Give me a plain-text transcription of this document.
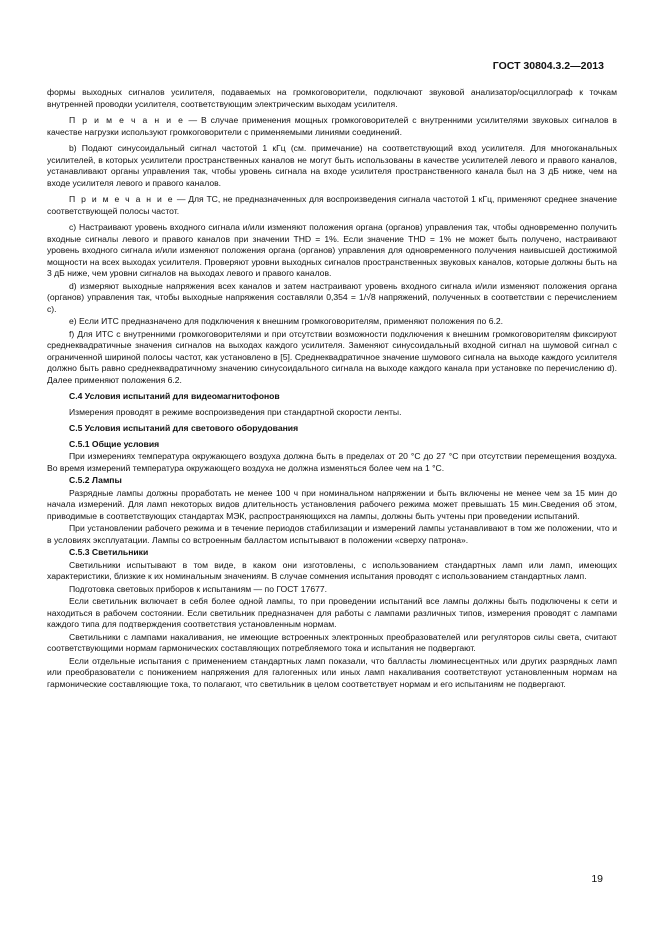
ГОСТ 30804.3.2—2013

формы выходных сигналов усилителя, подаваемых на громкоговорители, подключают звуковой анализатор/осциллограф к точкам внутренней проводки усилителя, соответствующим электрическим выходам усилителя.

П р и м е ч а н и е — В случае применения мощных громкоговорителей с внутренними усилителями звуковых сигналов в качестве нагрузки используют громкоговорители с применяемыми линиями соединений.

b) Подают синусоидальный сигнал частотой 1 кГц (см. примечание) на соответствующий вход усилителя. Для многоканальных усилителей, в которых усилители пространственных каналов не могут быть использованы в качестве усилителей левого и правого каналов, устанавливают органы управления так, чтобы уровень сигнала на входе усилителя пространственного канала был на 3 дБ ниже, чем на входе усилителя левого и правого каналов.

П р и м е ч а н и е — Для ТС, не предназначенных для воспроизведения сигнала частотой 1 кГц, применяют среднее значение соответствующей полосы частот.

c) Настраивают уровень входного сигнала и/или изменяют положения органа (органов) управления так, чтобы одновременно получить входные сигналы левого и правого каналов при значении THD = 1%. Если значение THD = 1% не может быть получено, настраивают уровень входного сигнала и/или изменяют положения органа (органов) управления для одновременного получения наивысшей достижимой мощности на всех выходах усилителя. Проверяют уровни выходных сигналов пространственных звуковых каналов, которые должны быть на 3 дБ ниже, чем уровни сигналов на выходах левого и правого каналов.

d) измеряют выходные напряжения всех каналов и затем настраивают уровень входного сигнала и/или изменяют положения органа (органов) управления так, чтобы выходные напряжения составляли 0,354 = 1/√8 напряжений, полученных в соответствии с перечислением с).

e) Если ИТС предназначено для подключения к внешним громкоговорителям, применяют положения по 6.2.

f) Для ИТС с внутренними громкоговорителями и при отсутствии возможности подключения к внешним громкоговорителям фиксируют среднеквадратичные значения сигналов на выходах каждого усилителя. Заменяют синусоидальный входной сигнал на шумовой сигнал с ограниченной шириной полосы частот, как установлено в [5]. Среднеквадратичное значение шумового сигнала на выходе каждого усилителя должно быть равно среднеквадратичному значению синусоидального сигнала на выходе каждого канала при установке по перечислению d). Далее применяют положения 6.2.

С.4 Условия испытаний для видеомагнитофонов

Измерения проводят в режиме воспроизведения при стандартной скорости ленты.

С.5 Условия испытаний для светового оборудования
С.5.1 Общие условия

При измерениях температура окружающего воздуха должна быть в пределах от 20 °С до 27 °С при отсутствии перемещения воздуха. Во время измерений температура окружающего воздуха не должна изменяться более чем на 1 °С.

С.5.2 Лампы

Разрядные лампы должны проработать не менее 100 ч при номинальном напряжении и быть включены не менее чем за 15 мин до начала измерений. Для ламп некоторых видов длительность установления рабочего режима может превышать 15 мин.Сведения об этом, приводимые в соответствующих стандартах МЭК, распространяющихся на лампы, должны быть учтены при проведении испытаний.

При установлении рабочего режима и в течение периодов стабилизации и измерений лампы устанавливают в том же положении, что и в условиях эксплуатации. Лампы со встроенным балластом испытывают в положении «сверху патрона».

С.5.3 Светильники

Светильники испытывают в том виде, в каком они изготовлены, с использованием стандартных ламп или ламп, имеющих характеристики, близкие к их номинальным значениям. В случае сомнения испытания проводят с использованием стандартных ламп.

Подготовка световых приборов к испытаниям — по ГОСТ 17677.

Если светильник включает в себя более одной лампы, то при проведении испытаний все лампы должны быть подключены к сети и находиться в рабочем состоянии. Если светильник предназначен для работы с лампами различных типов, измерения проводят с лампами каждого типа для подтверждения соответствия установленным нормам.

Светильники с лампами накаливания, не имеющие встроенных электронных преобразователей или регуляторов силы света, считают соответствующими нормам гармонических составляющих потребляемого тока и испытания не подвергают.

Если отдельные испытания с применением стандартных ламп показали, что балласты люминесцентных или других разрядных ламп или преобразователи с понижением напряжения для галогенных или иных ламп накаливания соответствуют установленным нормам на гармонические составляющие тока, то полагают, что светильник в целом соответствует нормам и его испытаниям не подвергают.

19
